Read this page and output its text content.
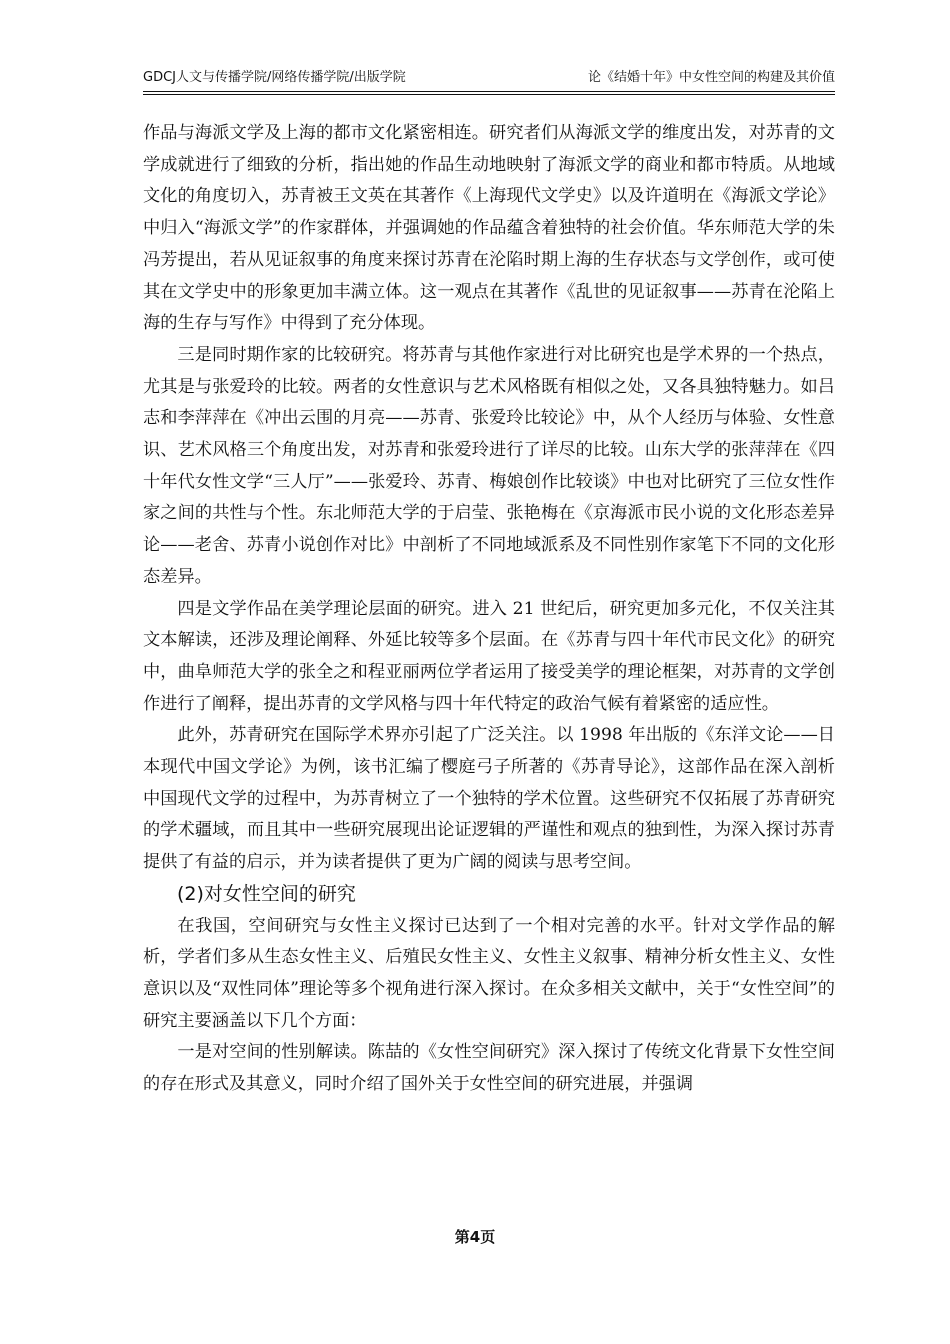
GDCJ人文与传播学院/网络传播学院/出版学院	论《结婚十年》中女性空间的构建及其价值

作品与海派文学及上海的都市文化紧密相连。研究者们从海派文学的维度出发，对苏青的文学成就进行了细致的分析，指出她的作品生动地映射了海派文学的商业和都市特质。从地域文化的角度切入，苏青被王文英在其著作《上海现代文学史》以及许道明在《海派文学论》中归入“海派文学”的作家群体，并强调她的作品蕴含着独特的社会价值。华东师范大学的朱冯芳提出，若从见证叙事的角度来探讨苏青在沦陷时期上海的生存状态与文学创作，或可使其在文学史中的形象更加丰满立体。这一观点在其著作《乱世的见证叙事——苏青在沦陷上海的生存与写作》中得到了充分体现。

三是同时期作家的比较研究。将苏青与其他作家进行对比研究也是学术界的一个热点，尤其是与张爱玲的比较。两者的女性意识与艺术风格既有相似之处，又各具独特魅力。如吕志和李萍萍在《冲出云围的月亮——苏青、张爱玲比较论》中，从个人经历与体验、女性意识、艺术风格三个角度出发，对苏青和张爱玲进行了详尽的比较。山东大学的张萍萍在《四十年代女性文学“三人厅”——张爱玲、苏青、梅娘创作比较谈》中也对比研究了三位女性作家之间的共性与个性。东北师范大学的于启莹、张艳梅在《京海派市民小说的文化形态差异论——老舍、苏青小说创作对比》中剖析了不同地域派系及不同性别作家笔下不同的文化形态差异。

四是文学作品在美学理论层面的研究。进入 21 世纪后，研究更加多元化，不仅关注其文本解读，还涉及理论阐释、外延比较等多个层面。在《苏青与四十年代市民文化》的研究中，曲阜师范大学的张全之和程亚丽两位学者运用了接受美学的理论框架，对苏青的文学创作进行了阐释，提出苏青的文学风格与四十年代特定的政治气候有着紧密的适应性。

此外，苏青研究在国际学术界亦引起了广泛关注。以 1998 年出版的《东洋文论——日本现代中国文学论》为例，该书汇编了樱庭弓子所著的《苏青导论》，这部作品在深入剖析中国现代文学的过程中，为苏青树立了一个独特的学术位置。这些研究不仅拓展了苏青研究的学术疆域，而且其中一些研究展现出论证逻辑的严谨性和观点的独到性，为深入探讨苏青提供了有益的启示，并为读者提供了更为广阔的阅读与思考空间。

(2)对女性空间的研究

在我国，空间研究与女性主义探讨已达到了一个相对完善的水平。针对文学作品的解析，学者们多从生态女性主义、后殖民女性主义、女性主义叙事、精神分析女性主义、女性意识以及“双性同体”理论等多个视角进行深入探讨。在众多相关文献中，关于“女性空间”的研究主要涵盖以下几个方面：

一是对空间的性别解读。陈喆的《女性空间研究》深入探讨了传统文化背景下女性空间的存在形式及其意义，同时介绍了国外关于女性空间的研究进展，并强调

第4页
